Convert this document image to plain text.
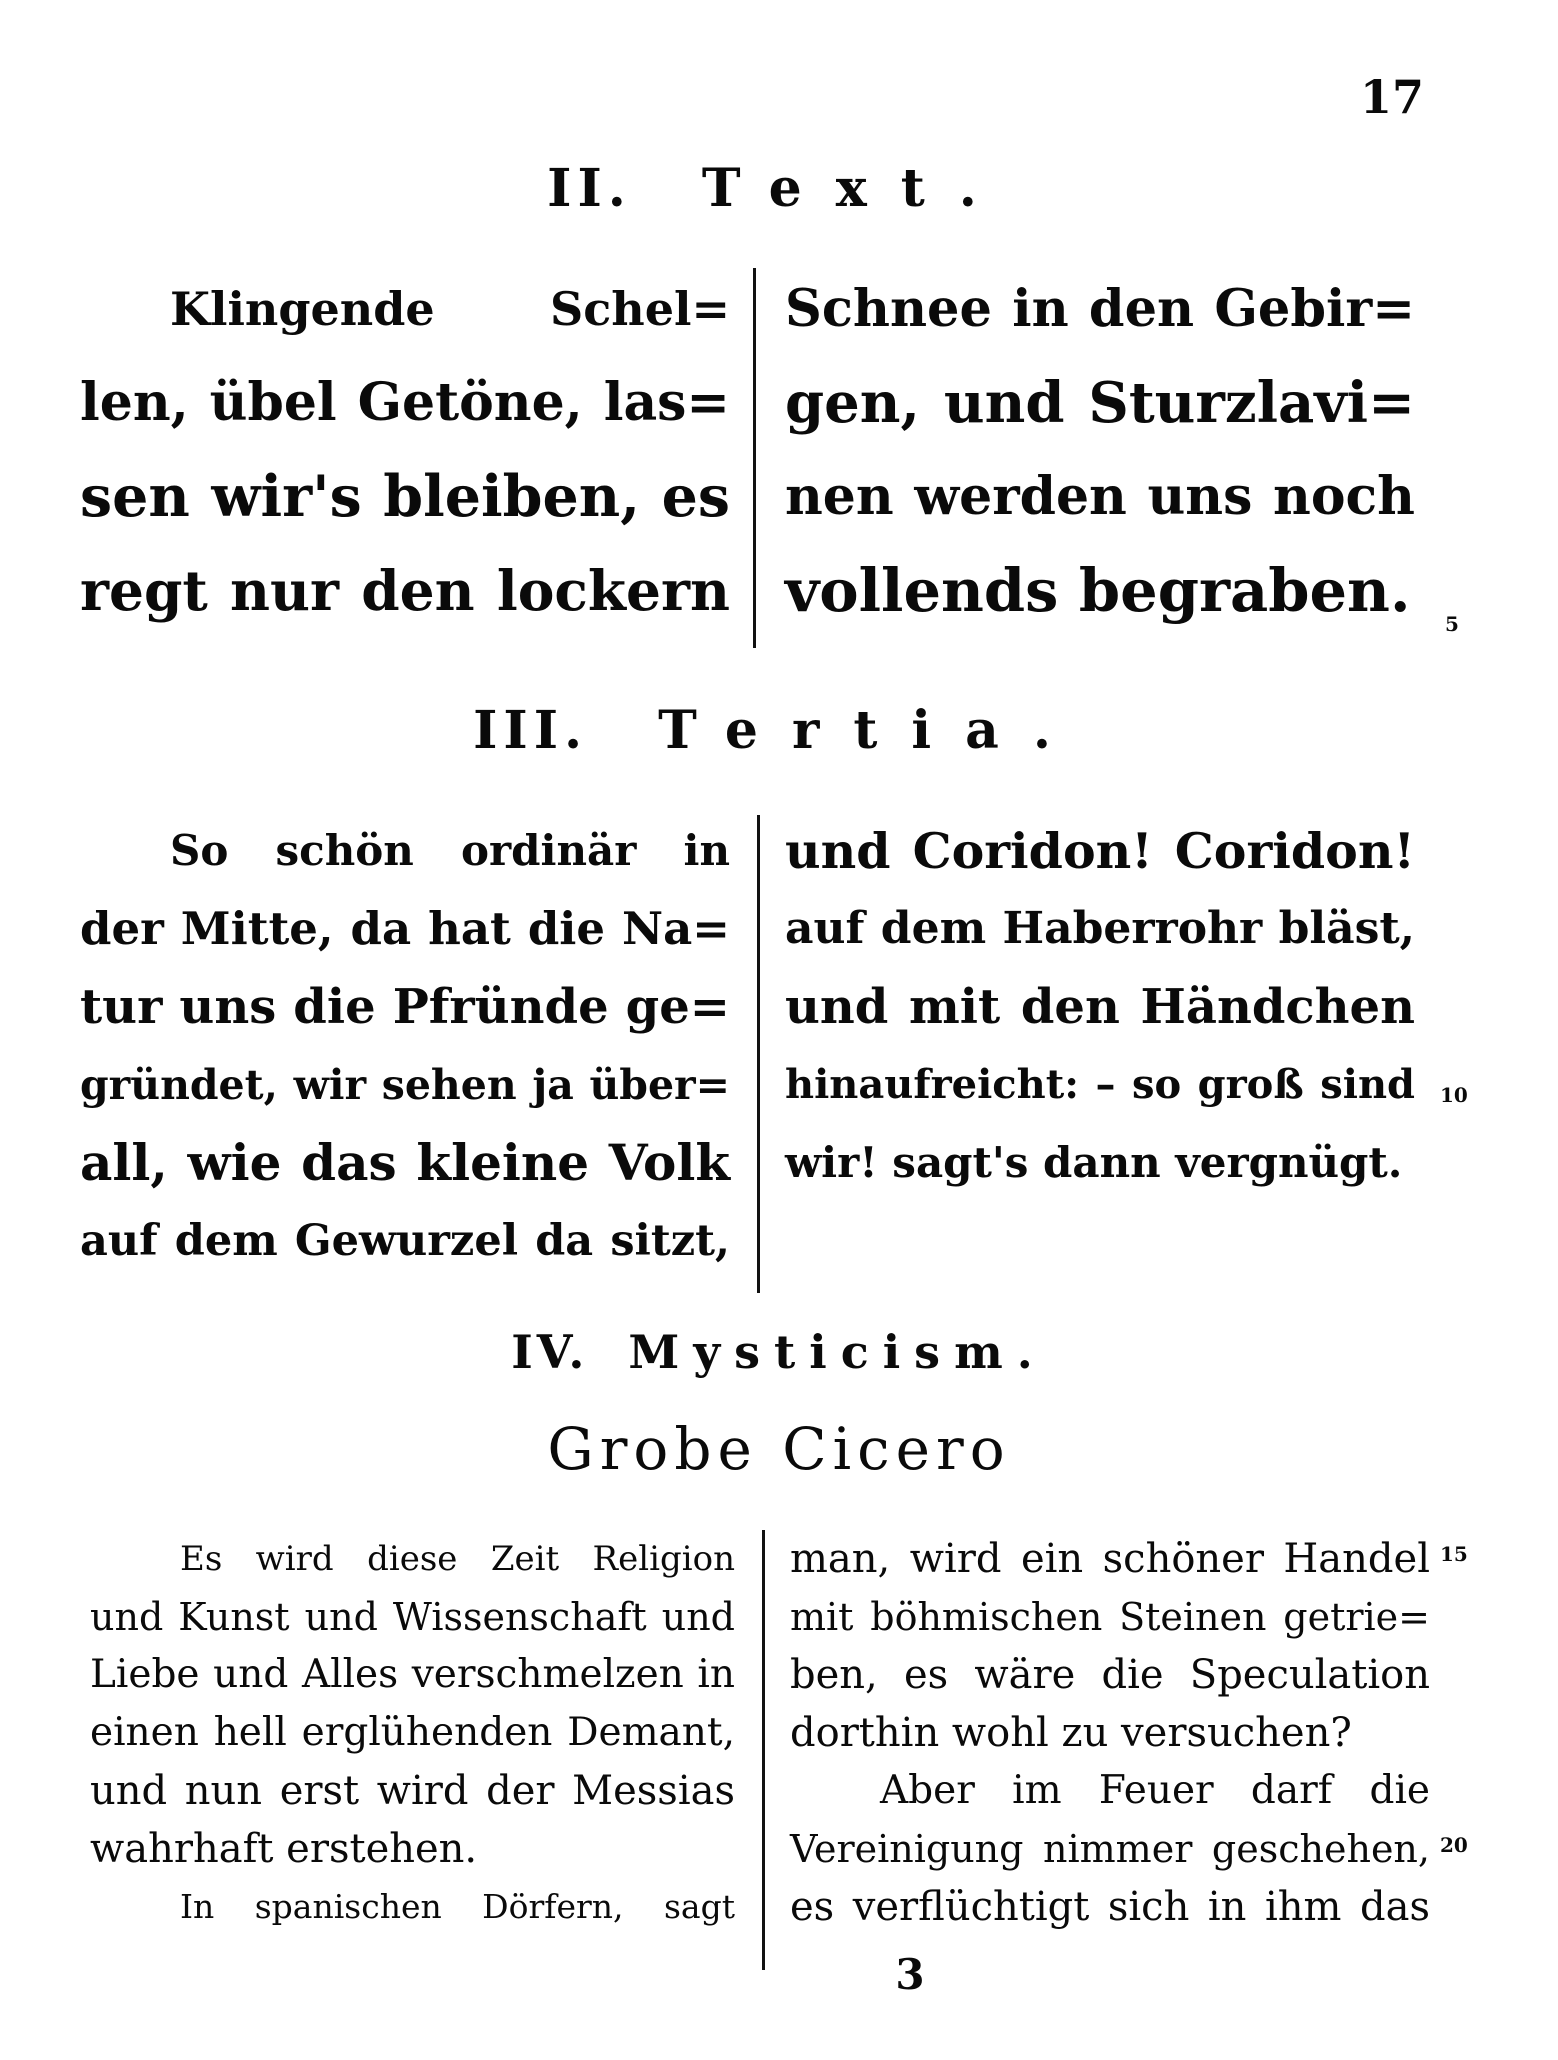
17
II. Text.
Klingende Schel=
len, übel Getöne, las=
sen wir's bleiben, es
regt nur den lockern
Schnee in den Gebir=
gen, und Sturzlavi=
nen werden uns noch
vollends begraben. 5
III. Tertia.
So schön ordinär in
der Mitte, da hat die Na=
tur uns die Pfründe ge=
gründet, wir sehen ja über=
all, wie das kleine Volk
auf dem Gewurzel da sitzt,
und Coridon! Coridon!
auf dem Haberrohr bläst,
und mit den Händchen
hinaufreicht: – so groß sind
wir! sagt's dann vergnügt.
10
IV. Mysticism.
Grobe Cicero
Es wird diese Zeit Religion
und Kunst und Wissenschaft und
Liebe und Alles verschmelzen in
einen hell erglühenden Demant,
und nun erst wird der Messias
wahrhaft erstehen.
In spanischen Dörfern, sagt
man, wird ein schöner Handel
mit böhmischen Steinen getrie=
ben, es wäre die Speculation
dorthin wohl zu versuchen?
Aber im Feuer darf die
Vereinigung nimmer geschehen,
es verflüchtigt sich in ihm das
15
20
3
